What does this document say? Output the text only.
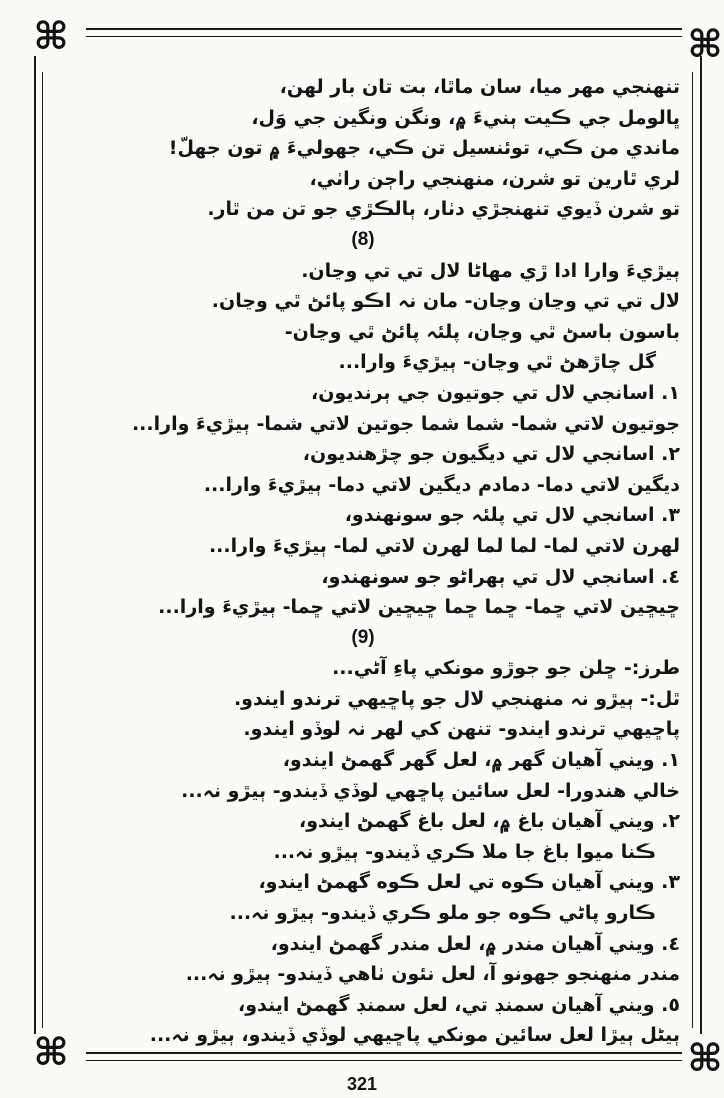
⌘	⌘
⌘	⌘
تنهنجي مهر ميا، سان ماٿا، بت تان بار لهن،
ڀالومل جي ڪيت ٻنيءَ ۾، ونگن ونگين جي وَل،
ماندي من ڪي، توئنسيل تن ڪي، جهوليءَ ۾ تون جهلّ!
لري ٿارين تو شرن، منهنجي راڄن راٺي،
تو شرن ڏيوي تنهنجڙي دٺار، ٻالڪڙي جو تن من ٿار.
(8)
ٻيڙيءَ وارا ادا ڙي مهاڻا لال تي تي وڃان.
لال تي تي وڃان وڃان- مان نہ اڪو پائڻ ٿي وڃان.
باسون باسڻ ٿي وڃان، پلئہ پائڻ ٿي وڃان-
گل چاڙهڻ ٿي وڃان- ٻيڙيءَ وارا...
١. اسانجي لال تي جوتيون جي ٻرنديون،
جوتيون لاتي شما- شما شما جوتين لاتي شما- ٻيڙيءَ وارا...
٢. اسانجي لال تي ديگيون جو چڙهنديون،
ديگين لاتي دما- دمادم ديگين لاتي دما- ٻيڙيءَ وارا...
٣. اسانجي لال تي پلئہ جو سونهندو،
لهرن لاتي لما- لما لما لهرن لاتي لما- ٻيڙيءَ وارا...
٤. اسانجي لال تي ٻهراڻو جو سونهندو،
ڇيڇين لاتي ڇما- ڇما ڇما ڇيڇين لاتي ڇما- ٻيڙيءَ وارا...
(9)
طرز:- ڇلن جو جوڙو مونکي پاءِ آڻي...
ٿل:- ٻيڙو نہ منهنجي لال جو پاڇيهي ترندو ايندو.
پاڇيهي ترندو ايندو- تنهن کي لهر نہ لوڏو ايندو.
١. ويني آهيان گهر ۾، لعل گهر گهمڻ ايندو،
خالي هندورا- لعل سائين پاڇهي لوڏي ڏيندو- ٻيڙو نہ...
٢. ويني آهيان باغ ۾، لعل باغ گهمڻ ايندو،
ڪنا ميوا باغ جا ملا ڪري ڏيندو- ٻيڙو نہ...
٣. ويني آهيان ڪوه تي لعل ڪوه گهمڻ ايندو،
ڪارو پاڻي ڪوه جو ملو ڪري ڏيندو- ٻيڙو نہ...
٤. ويني آهيان مندر ۾، لعل مندر گهمڻ ايندو،
مندر منهنجو جهونو آ، لعل نئون ٺاهي ڏيندو- ٻيڙو نہ...
٥. ويني آهيان سمنڊ تي، لعل سمنڊ گهمڻ ايندو،
ٻيڻل ٻيڙا لعل سائين مونکي پاڇيهي لوڏي ڏيندو، ٻيڙو نہ...
321
